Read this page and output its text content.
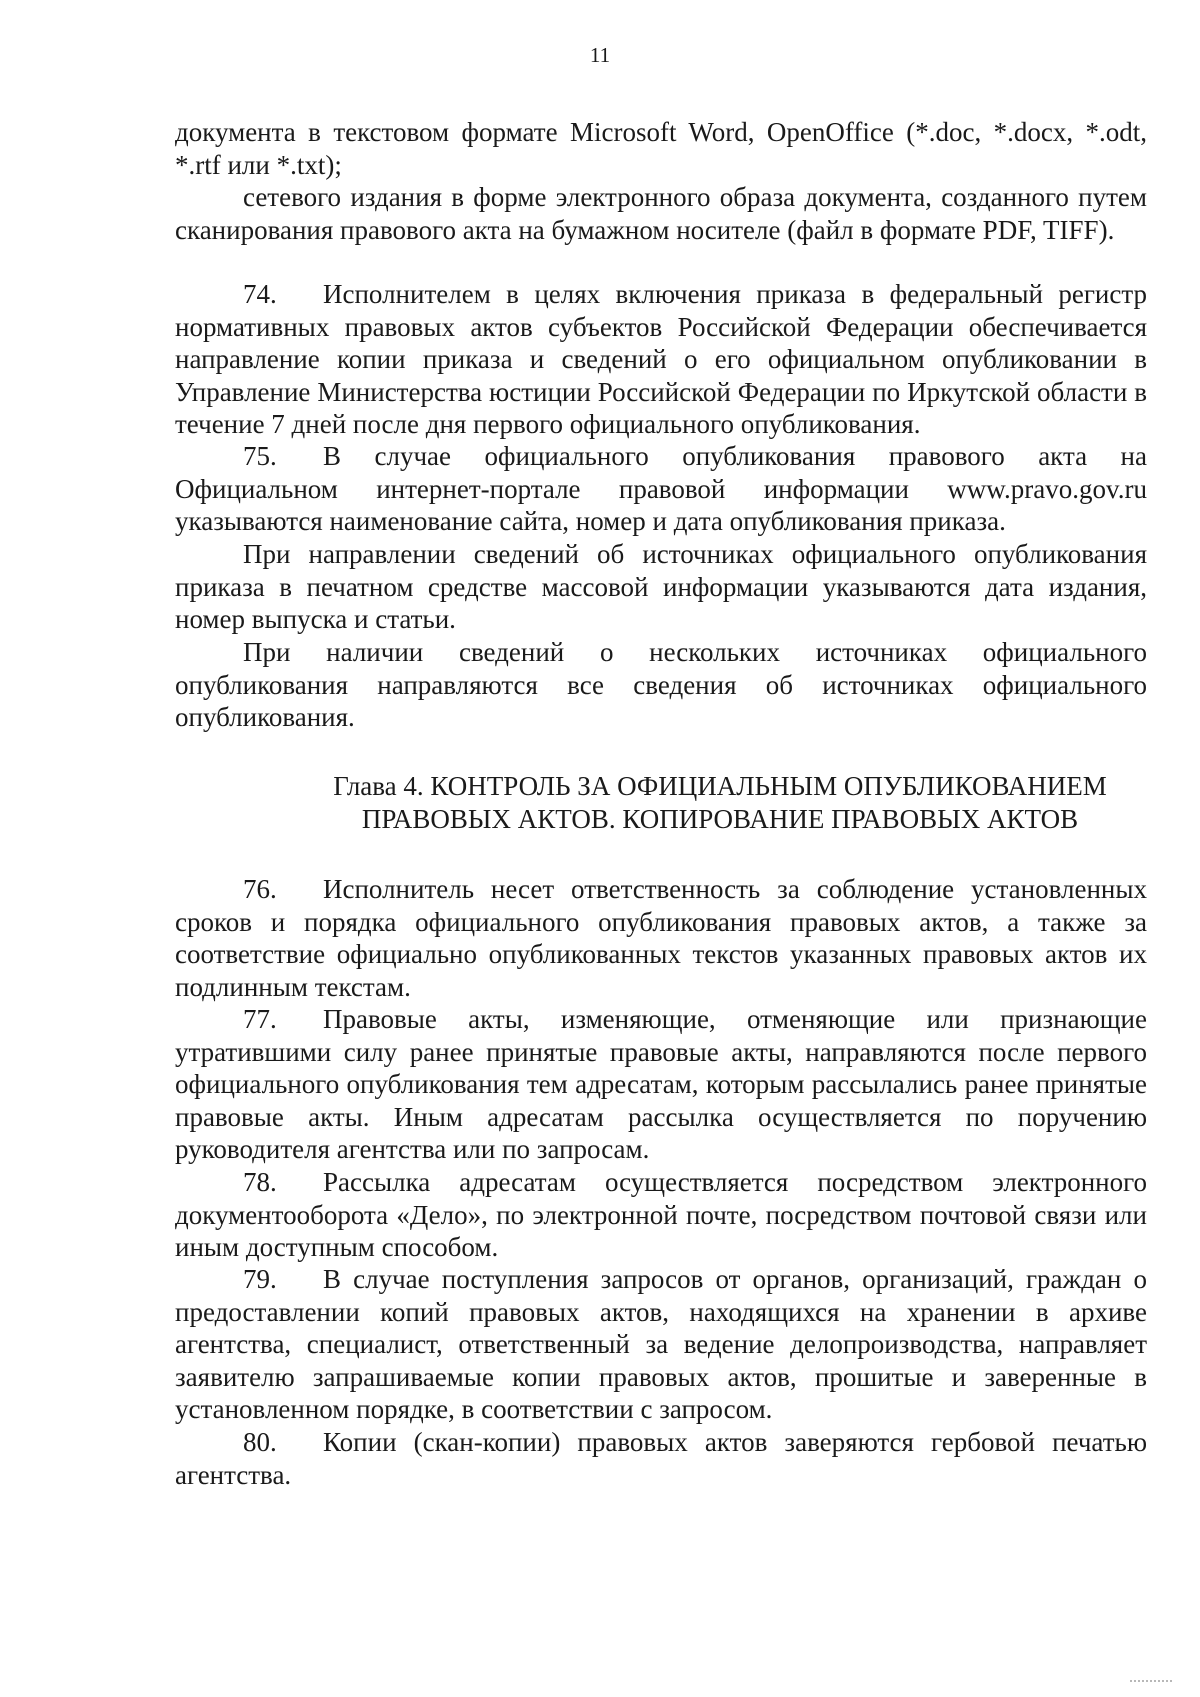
11
документа в текстовом формате Microsoft Word, OpenOffice (*.doc, *.docx, *.odt, *.rtf или *.txt);
сетевого издания в форме электронного образа документа, созданного путем сканирования правового акта на бумажном носителе (файл в формате PDF, TIFF).
74. Исполнителем в целях включения приказа в федеральный регистр нормативных правовых актов субъектов Российской Федерации обеспечивается направление копии приказа и сведений о его официальном опубликовании в Управление Министерства юстиции Российской Федерации по Иркутской области в течение 7 дней после дня первого официального опубликования.
75. В случае официального опубликования правового акта на Официальном интернет-портале правовой информации www.pravo.gov.ru указываются наименование сайта, номер и дата опубликования приказа.
При направлении сведений об источниках официального опубликования приказа в печатном средстве массовой информации указываются дата издания, номер выпуска и статьи.
При наличии сведений о нескольких источниках официального опубликования направляются все сведения об источниках официального опубликования.
Глава 4. КОНТРОЛЬ ЗА ОФИЦИАЛЬНЫМ ОПУБЛИКОВАНИЕМ
ПРАВОВЫХ АКТОВ. КОПИРОВАНИЕ ПРАВОВЫХ АКТОВ
76. Исполнитель несет ответственность за соблюдение установленных сроков и порядка официального опубликования правовых актов, а также за соответствие официально опубликованных текстов указанных правовых актов их подлинным текстам.
77. Правовые акты, изменяющие, отменяющие или признающие утратившими силу ранее принятые правовые акты, направляются после первого официального опубликования тем адресатам, которым рассылались ранее принятые правовые акты. Иным адресатам рассылка осуществляется по поручению руководителя агентства или по запросам.
78. Рассылка адресатам осуществляется посредством электронного документооборота «Дело», по электронной почте, посредством почтовой связи или иным доступным способом.
79. В случае поступления запросов от органов, организаций, граждан о предоставлении копий правовых актов, находящихся на хранении в архиве агентства, специалист, ответственный за ведение делопроизводства, направляет заявителю запрашиваемые копии правовых актов, прошитые и заверенные в установленном порядке, в соответствии с запросом.
80. Копии (скан-копии) правовых актов заверяются гербовой печатью агентства.
